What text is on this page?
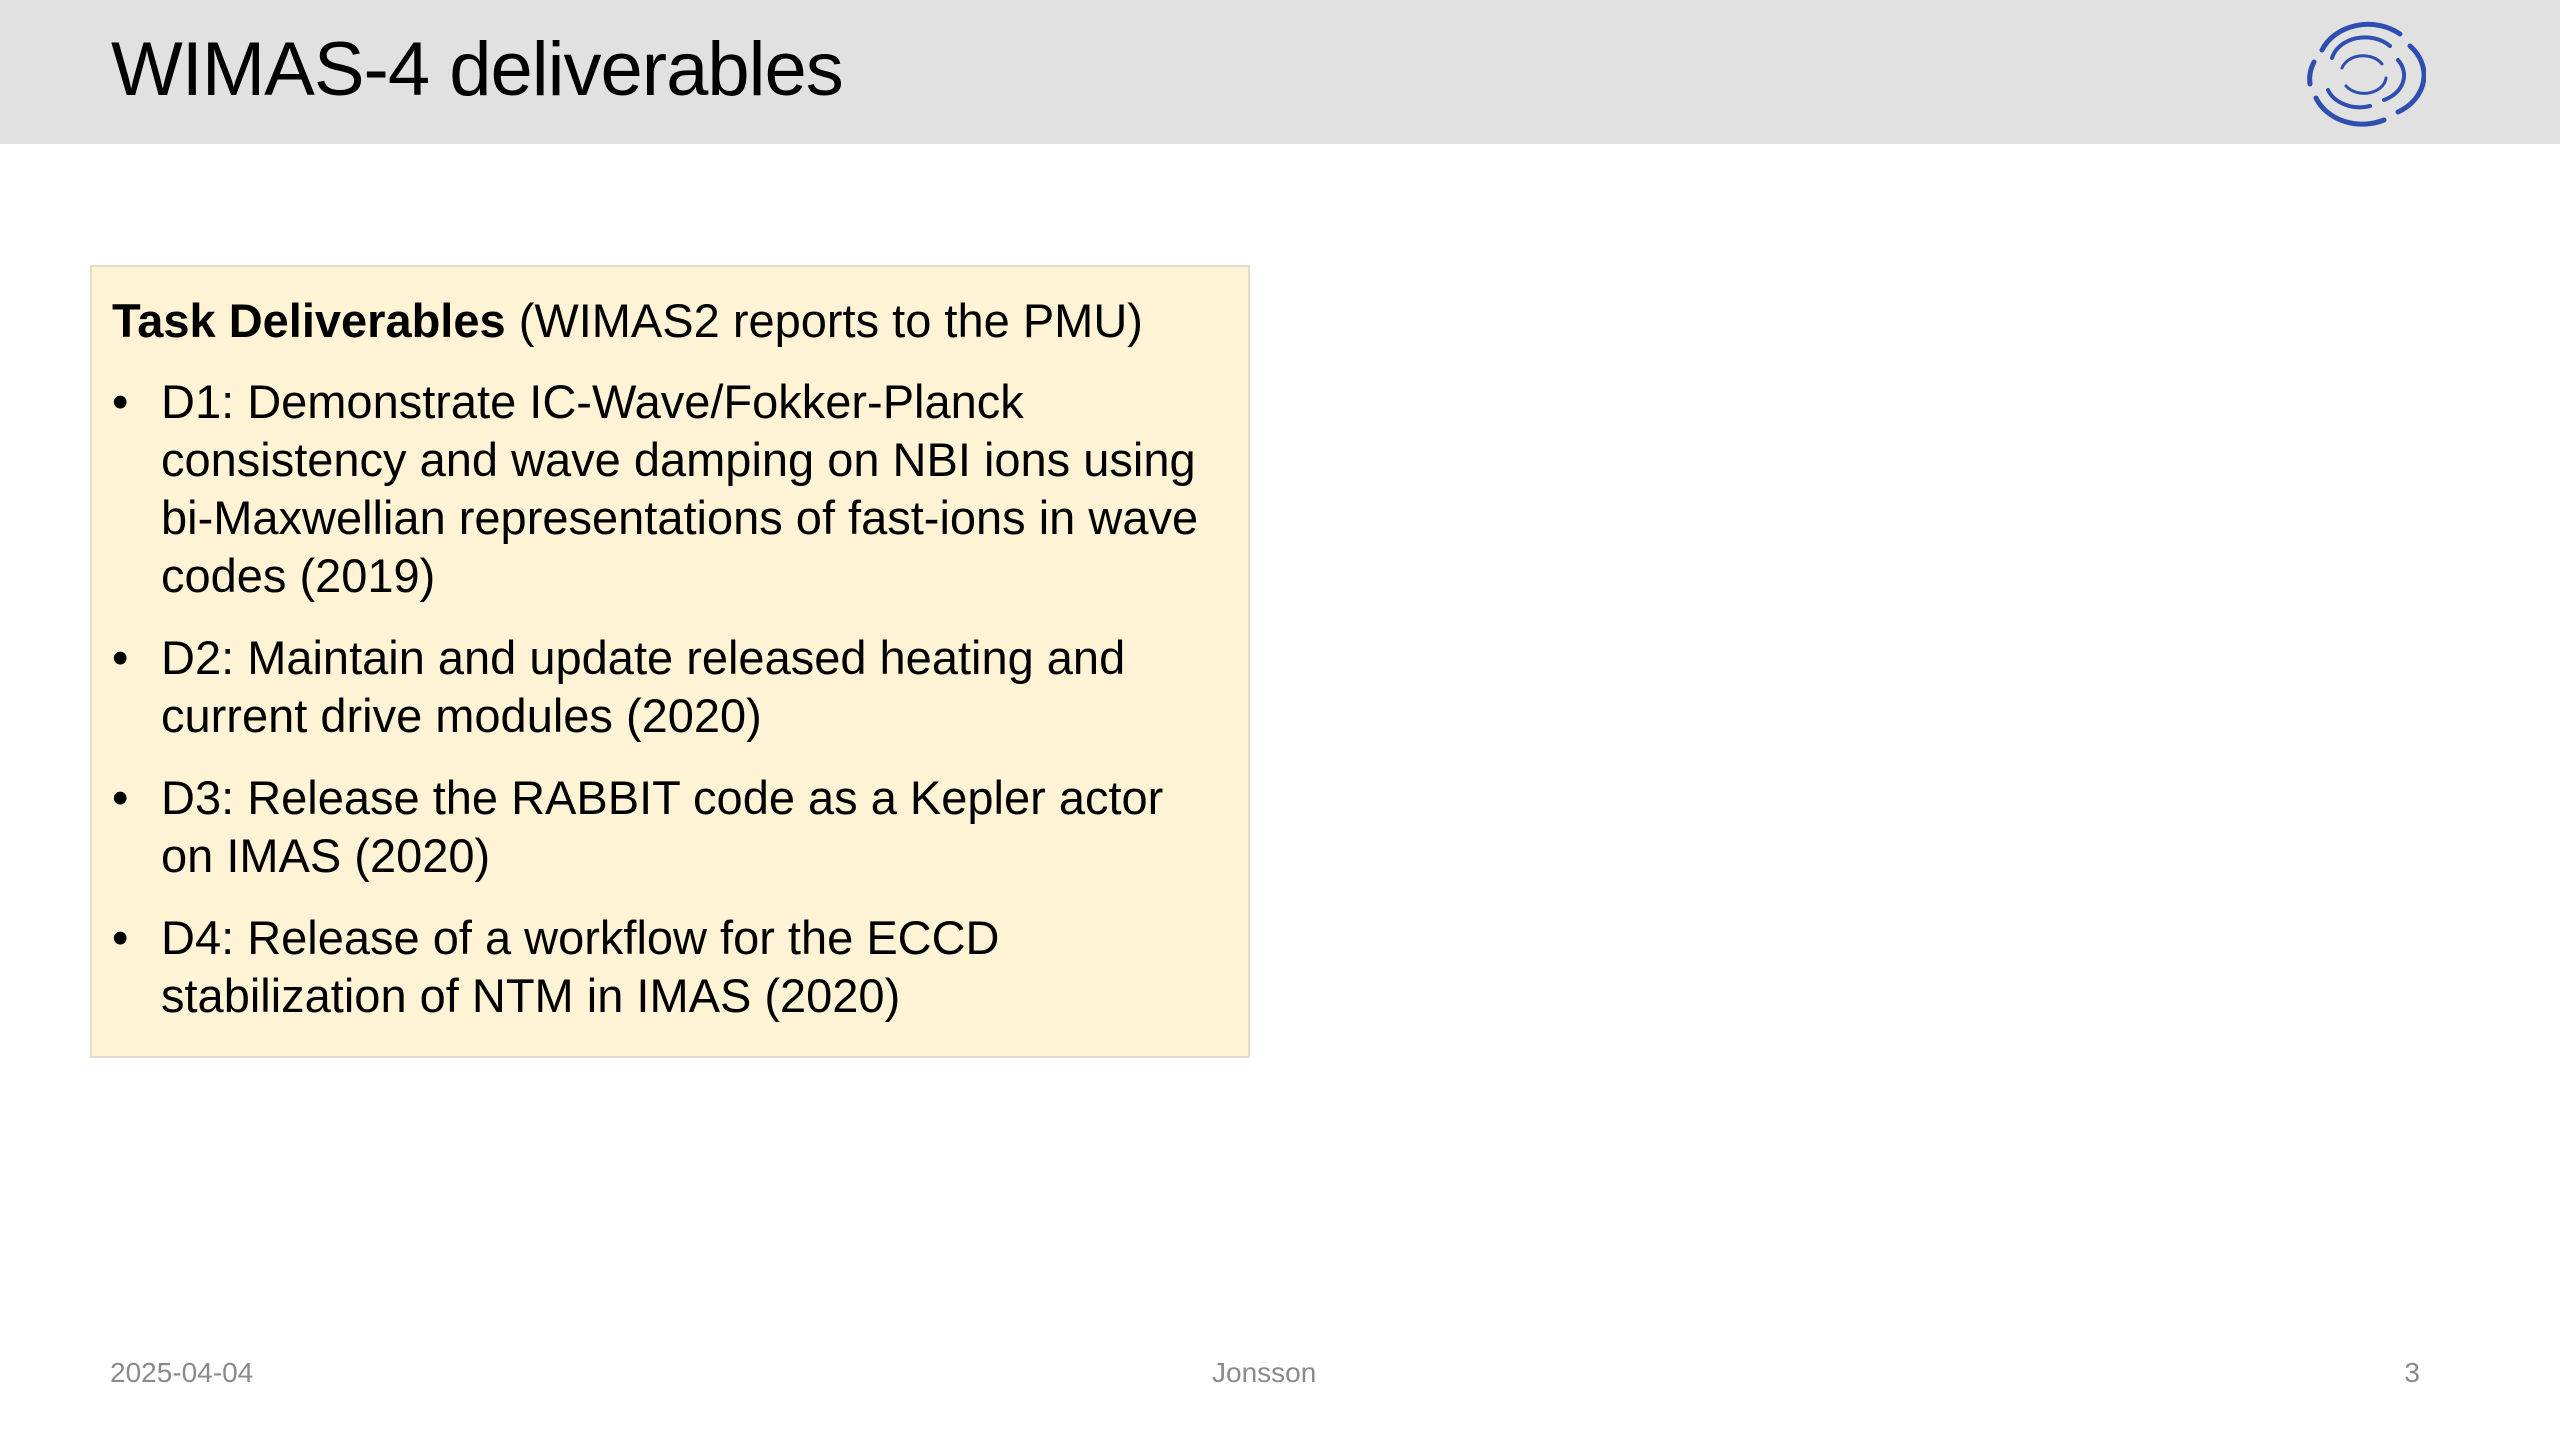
WIMAS-4 deliverables

Task Deliverables (WIMAS2 reports to the PMU)

• D1: Demonstrate IC-Wave/Fokker-Planck consistency and wave damping on NBI ions using bi-Maxwellian representations of fast-ions in wave codes (2019)
• D2: Maintain and update released heating and current drive modules (2020)
• D3: Release the RABBIT code as a Kepler actor on IMAS (2020)
• D4: Release of a workflow for the ECCD stabilization of NTM in IMAS (2020)
2025-04-04	Jonsson	3
